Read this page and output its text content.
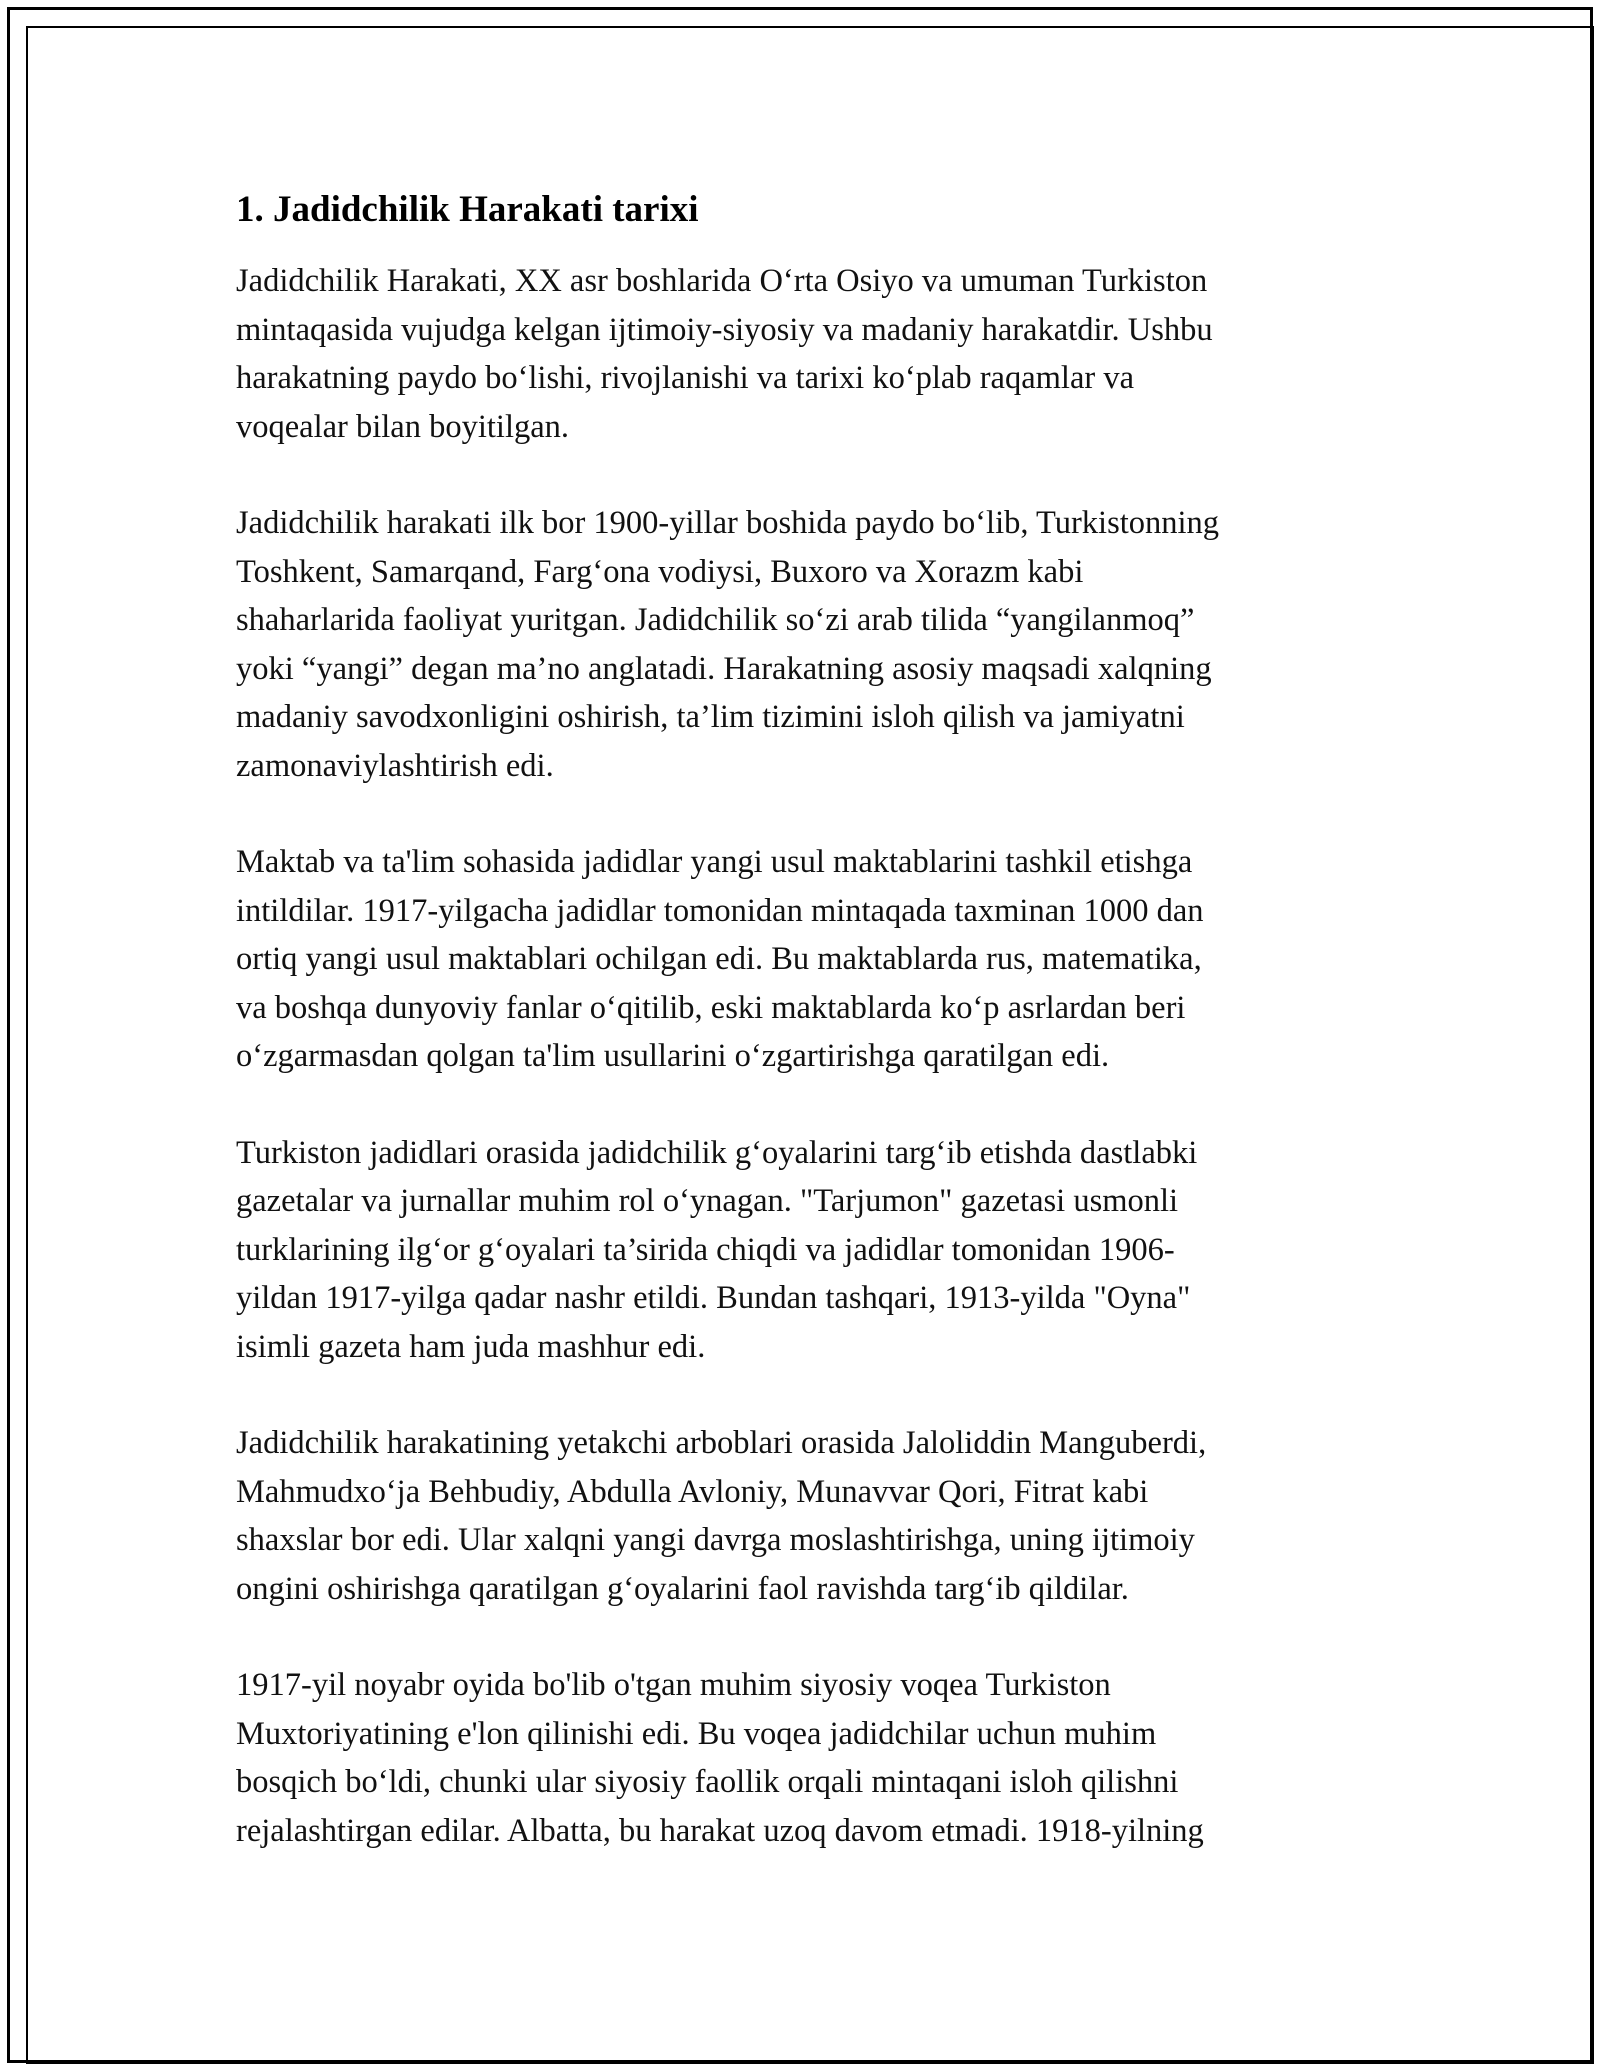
1. Jadidchilik Harakati tarixi

Jadidchilik Harakati, XX asr boshlarida O‘rta Osiyo va umuman Turkiston
mintaqasida vujudga kelgan ijtimoiy-siyosiy va madaniy harakatdir. Ushbu
harakatning paydo bo‘lishi, rivojlanishi va tarixi ko‘plab raqamlar va
voqealar bilan boyitilgan.

Jadidchilik harakati ilk bor 1900-yillar boshida paydo bo‘lib, Turkistonning
Toshkent, Samarqand, Farg‘ona vodiysi, Buxoro va Xorazm kabi
shaharlarida faoliyat yuritgan. Jadidchilik so‘zi arab tilida “yangilanmoq”
yoki “yangi” degan ma’no anglatadi. Harakatning asosiy maqsadi xalqning
madaniy savodxonligini oshirish, ta’lim tizimini isloh qilish va jamiyatni
zamonaviylashtirish edi.

Maktab va ta'lim sohasida jadidlar yangi usul maktablarini tashkil etishga
intildilar. 1917-yilgacha jadidlar tomonidan mintaqada taxminan 1000 dan
ortiq yangi usul maktablari ochilgan edi. Bu maktablarda rus, matematika,
va boshqa dunyoviy fanlar o‘qitilib, eski maktablarda ko‘p asrlardan beri
o‘zgarmasdan qolgan ta'lim usullarini o‘zgartirishga qaratilgan edi.

Turkiston jadidlari orasida jadidchilik g‘oyalarini targ‘ib etishda dastlabki
gazetalar va jurnallar muhim rol o‘ynagan. "Tarjumon" gazetasi usmonli
turklarining ilg‘or g‘oyalari ta’sirida chiqdi va jadidlar tomonidan 1906-
yildan 1917-yilga qadar nashr etildi. Bundan tashqari, 1913-yilda "Oyna"
isimli gazeta ham juda mashhur edi.

Jadidchilik harakatining yetakchi arboblari orasida Jaloliddin Manguberdi,
Mahmudxo‘ja Behbudiy, Abdulla Avloniy, Munavvar Qori, Fitrat kabi
shaxslar bor edi. Ular xalqni yangi davrga moslashtirishga, uning ijtimoiy
ongini oshirishga qaratilgan g‘oyalarini faol ravishda targ‘ib qildilar.

1917-yil noyabr oyida bo'lib o'tgan muhim siyosiy voqea Turkiston
Muxtoriyatining e'lon qilinishi edi. Bu voqea jadidchilar uchun muhim
bosqich bo‘ldi, chunki ular siyosiy faollik orqali mintaqani isloh qilishni
rejalashtirgan edilar. Albatta, bu harakat uzoq davom etmadi. 1918-yilning
